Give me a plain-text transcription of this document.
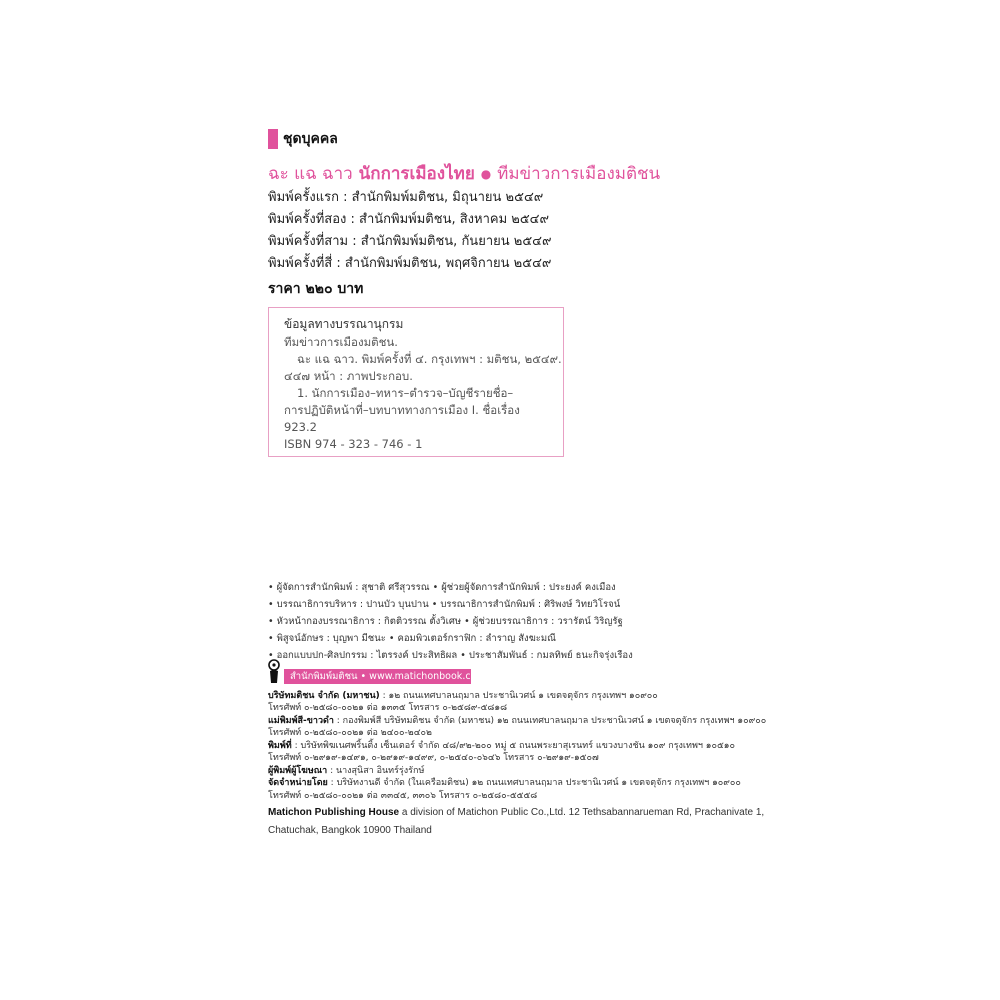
ชุดบุคคล
ฉะ แฉ ฉาว นักการเมืองไทย ● ทีมข่าวการเมืองมติชน
พิมพ์ครั้งแรก : สำนักพิมพ์มติชน, มิถุนายน ๒๕๔๙
พิมพ์ครั้งที่สอง : สำนักพิมพ์มติชน, สิงหาคม ๒๕๔๙
พิมพ์ครั้งที่สาม : สำนักพิมพ์มติชน, กันยายน ๒๕๔๙
พิมพ์ครั้งที่สี่ : สำนักพิมพ์มติชน, พฤศจิกายน ๒๕๔๙
ราคา ๒๒๐ บาท
ข้อมูลทางบรรณานุกรม
ทีมข่าวการเมืองมติชน.
ฉะ แฉ ฉาว. พิมพ์ครั้งที่ ๔. กรุงเทพฯ : มติชน, ๒๕๔๙.
๔๔๗ หน้า : ภาพประกอบ.
1. นักการเมือง–ทหาร–ตำรวจ–บัญชีรายชื่อ–
การปฏิบัติหน้าที่–บทบาททางการเมือง I. ชื่อเรื่อง
923.2
ISBN 974 - 323 - 746 - 1
• ผู้จัดการสำนักพิมพ์ : สุชาติ ศรีสุวรรณ • ผู้ช่วยผู้จัดการสำนักพิมพ์ : ประยงค์ คงเมือง
• บรรณาธิการบริหาร : ปานบัว บุนปาน • บรรณาธิการสำนักพิมพ์ : ศิริพงษ์ วิทยวิโรจน์
• หัวหน้ากองบรรณาธิการ : กิตติวรรณ ตั้งวิเศษ • ผู้ช่วยบรรณาธิการ : วรารัตน์ วิริญรัฐ
• พิสูจน์อักษร : บุญพา มีชนะ • คอมพิวเตอร์กราฟิก : ลำราญ สังฆะมณี
• ออกแบบปก-ศิลปกรรม : ไตรรงค์ ประสิทธิผล • ประชาสัมพันธ์ : กมลทิพย์ ธนะกิจรุ่งเรือง
สำนักพิมพ์มติชน • www.matichonbook.com
บริษัทมติชน จำกัด (มหาชน) : ๑๒ ถนนเทศบาลนฤมาล ประชานิเวศน์ ๑ เขตจตุจักร กรุงเทพฯ ๑๐๙๐๐
โทรศัพท์ ๐-๒๕๘๐-๐๐๒๑ ต่อ ๑๓๓๕ โทรสาร ๐-๒๕๘๙-๕๘๑๘
แม่พิมพ์สี-ขาวดำ : กองพิมพ์สี บริษัทมติชน จำกัด (มหาชน) ๑๒ ถนนเทศบาลนฤมาล ประชานิเวศน์ ๑ เขตจตุจักร กรุงเทพฯ ๑๐๙๐๐
โทรศัพท์ ๐-๒๕๘๐-๐๐๒๑ ต่อ ๒๔๐๐-๒๔๐๒
พิมพ์ที่ : บริษัทพิฆเนศพริ้นติ้ง เซ็นเตอร์ จำกัด ๔๘/๙๒-๒๐๐ หมู่ ๕ ถนนพระยาสุเรนทร์ แขวงบางชัน ๑๐๙ กรุงเทพฯ ๑๐๕๑๐
โทรศัพท์ ๐-๒๙๑๙-๑๔๙๑, ๐-๒๙๑๙-๑๔๙๙, ๐-๒๕๔๐-๐๖๔๖ โทรสาร ๐-๒๙๑๙-๑๕๐๗
ผู้พิมพ์ผู้โฆษณา : นางสุนิสา อินทร์รุ่งรักษ์
จัดจำหน่ายโดย : บริษัทงานดี จำกัด (ในเครือมติชน) ๑๒ ถนนเทศบาลนฤมาล ประชานิเวศน์ ๑ เขตจตุจักร กรุงเทพฯ ๑๐๙๐๐
โทรศัพท์ ๐-๒๕๘๐-๐๐๒๑ ต่อ ๓๓๔๕, ๓๓๐๖ โทรสาร ๐-๒๕๘๐-๕๕๕๘
Matichon Publishing House a division of Matichon Public Co.,Ltd. 12 Tethsabannarueman Rd, Prachanivate 1,
Chatuchak, Bangkok 10900 Thailand
